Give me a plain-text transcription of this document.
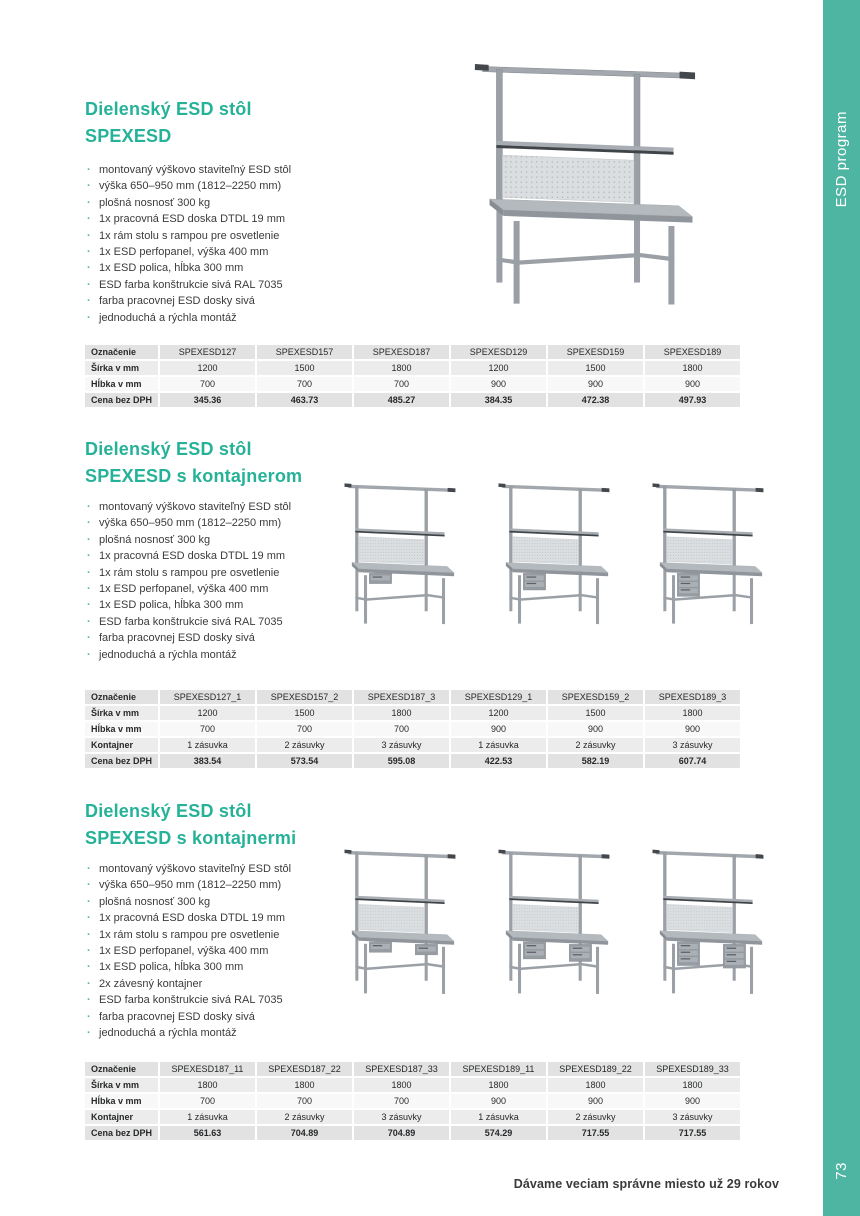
ESD program
73
Dielenský ESD stôl
SPEXESD
· montovaný výškovo staviteľný ESD stôl
· výška 650–950 mm (1812–2250 mm)
· plošná nosnosť 300 kg
· 1x pracovná ESD doska DTDL 19 mm
· 1x rám stolu s rampou pre osvetlenie
· 1x ESD perfopanel, výška 400 mm
· 1x ESD polica, hĺbka 300 mm
· ESD farba konštrukcie sivá RAL 7035
· farba pracovnej ESD dosky sivá
· jednoduchá a rýchla montáž
Označenie	SPEXESD127	SPEXESD157	SPEXESD187	SPEXESD129	SPEXESD159	SPEXESD189
Šírka v mm	1200	1500	1800	1200	1500	1800
Hĺbka v mm	700	700	700	900	900	900
Cena bez DPH	345.36	463.73	485.27	384.35	472.38	497.93
Dielenský ESD stôl
SPEXESD s kontajnerom
· montovaný výškovo staviteľný ESD stôl
· výška 650–950 mm (1812–2250 mm)
· plošná nosnosť 300 kg
· 1x pracovná ESD doska DTDL 19 mm
· 1x rám stolu s rampou pre osvetlenie
· 1x ESD perfopanel, výška 400 mm
· 1x ESD polica, hĺbka 300 mm
· ESD farba konštrukcie sivá RAL 7035
· farba pracovnej ESD dosky sivá
· jednoduchá a rýchla montáž
Označenie	SPEXESD127_1	SPEXESD157_2	SPEXESD187_3	SPEXESD129_1	SPEXESD159_2	SPEXESD189_3
Šírka v mm	1200	1500	1800	1200	1500	1800
Hĺbka v mm	700	700	700	900	900	900
Kontajner	1 zásuvka	2 zásuvky	3 zásuvky	1 zásuvka	2 zásuvky	3 zásuvky
Cena bez DPH	383.54	573.54	595.08	422.53	582.19	607.74
Dielenský ESD stôl
SPEXESD s kontajnermi
· montovaný výškovo staviteľný ESD stôl
· výška 650–950 mm (1812–2250 mm)
· plošná nosnosť 300 kg
· 1x pracovná ESD doska DTDL 19 mm
· 1x rám stolu s rampou pre osvetlenie
· 1x ESD perfopanel, výška 400 mm
· 1x ESD polica, hĺbka 300 mm
· 2x závesný kontajner
· ESD farba konštrukcie sivá RAL 7035
· farba pracovnej ESD dosky sivá
· jednoduchá a rýchla montáž
Označenie	SPEXESD187_11	SPEXESD187_22	SPEXESD187_33	SPEXESD189_11	SPEXESD189_22	SPEXESD189_33
Šírka v mm	1800	1800	1800	1800	1800	1800
Hĺbka v mm	700	700	700	900	900	900
Kontajner	1 zásuvka	2 zásuvky	3 zásuvky	1 zásuvka	2 zásuvky	3 zásuvky
Cena bez DPH	561.63	704.89	704.89	574.29	717.55	717.55
Dávame veciam správne miesto už 29 rokov
